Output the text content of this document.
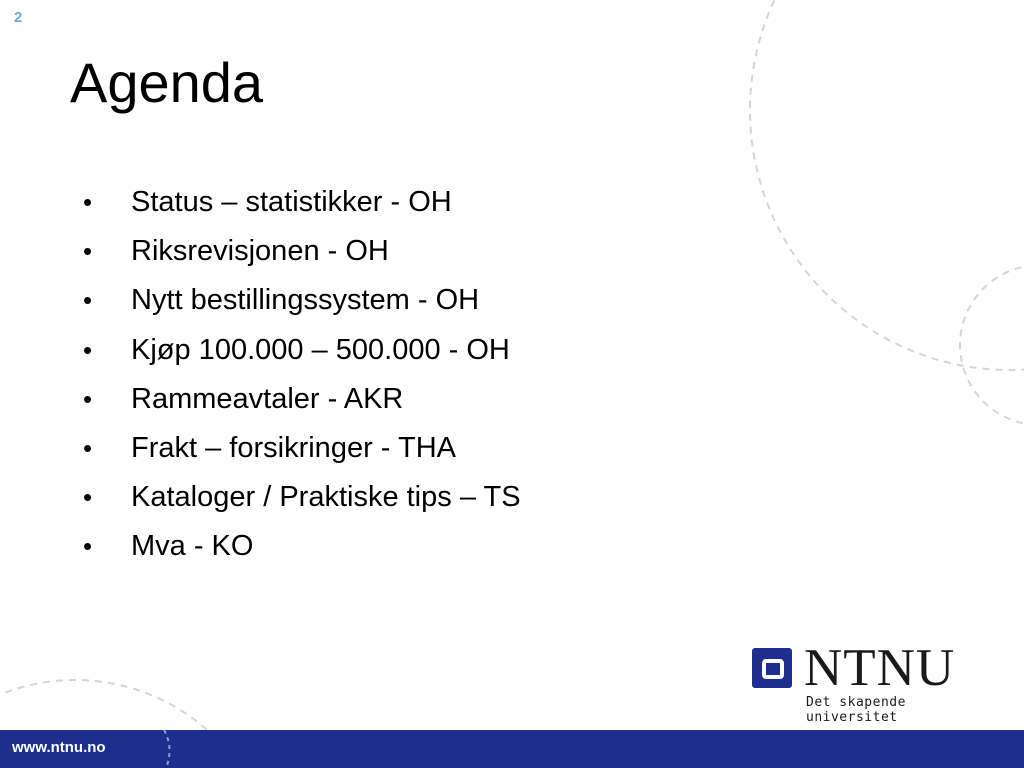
2
Agenda
• Status – statistikker - OH
• Riksrevisjonen - OH
• Nytt bestillingssystem - OH
• Kjøp 100.000 – 500.000 - OH
• Rammeavtaler - AKR
• Frakt – forsikringer - THA
• Kataloger / Praktiske tips – TS
• Mva - KO
NTNU
Det skapende universitet
www.ntnu.no
